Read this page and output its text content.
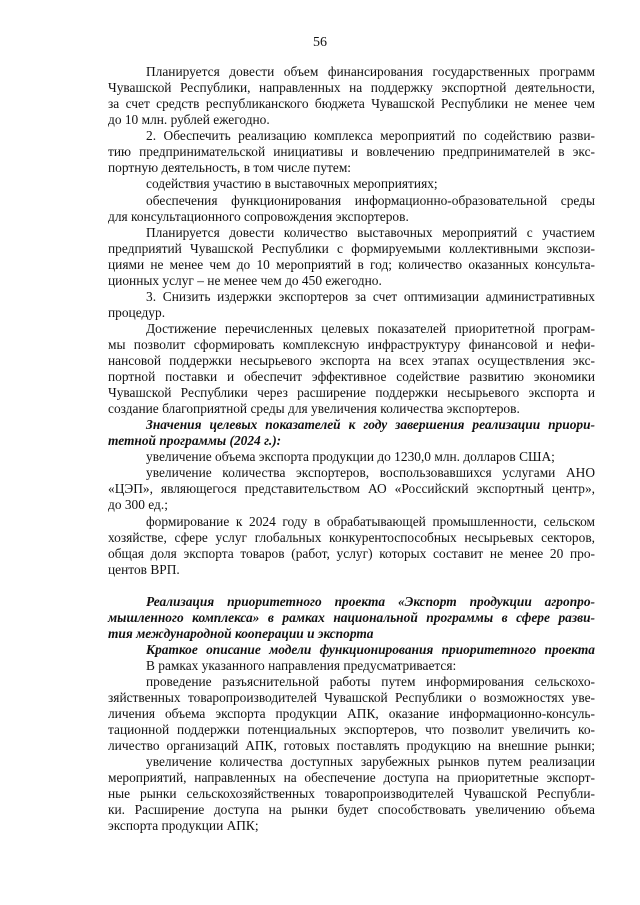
56
Планируется довести объем финансирования государственных программ
Чувашской Республики, направленных на поддержку экспортной деятельности,
за счет средств республиканского бюджета Чувашской Республики не менее чем
до 10 млн. рублей ежегодно.
2. Обеспечить реализацию комплекса мероприятий по содействию разви-
тию предпринимательской инициативы и вовлечению предпринимателей в экс-
портную деятельность, в том числе путем:
содействия участию в выставочных мероприятиях;
обеспечения функционирования информационно-образовательной среды
для консультационного сопровождения экспортеров.
Планируется довести количество выставочных мероприятий с участием
предприятий Чувашской Республики с формируемыми коллективными экспози-
циями не менее чем до 10 мероприятий в год; количество оказанных консульта-
ционных услуг – не менее чем до 450 ежегодно.
3. Снизить издержки экспортеров за счет оптимизации административных
процедур.
Достижение перечисленных целевых показателей приоритетной програм-
мы позволит сформировать комплексную инфраструктуру финансовой и нефи-
нансовой поддержки несырьевого экспорта на всех этапах осуществления экс-
портной поставки и обеспечит эффективное содействие развитию экономики
Чувашской Республики через расширение поддержки несырьевого экспорта и
создание благоприятной среды для увеличения количества экспортеров.
Значения целевых показателей к году завершения реализации приори-
тетной программы (2024 г.):
увеличение объема экспорта продукции до 1230,0 млн. долларов США;
увеличение количества экспортеров, воспользовавшихся услугами АНО
«ЦЭП», являющегося представительством АО «Российский экспортный центр»,
до 300 ед.;
формирование к 2024 году в обрабатывающей промышленности, сельском
хозяйстве, сфере услуг глобальных конкурентоспособных несырьевых секторов,
общая доля экспорта товаров (работ, услуг) которых составит не менее 20 про-
центов ВРП.
Реализация приоритетного проекта «Экспорт продукции агропро-
мышленного комплекса» в рамках национальной программы в сфере разви-
тия международной кооперации и экспорта
Краткое описание модели функционирования приоритетного проекта
В рамках указанного направления предусматривается:
проведение разъяснительной работы путем информирования сельскохо-
зяйственных товаропроизводителей Чувашской Республики о возможностях уве-
личения объема экспорта продукции АПК, оказание информационно-консуль-
тационной поддержки потенциальных экспортеров, что позволит увеличить ко-
личество организаций АПК, готовых поставлять продукцию на внешние рынки;
увеличение количества доступных зарубежных рынков путем реализации
мероприятий, направленных на обеспечение доступа на приоритетные экспорт-
ные рынки сельскохозяйственных товаропроизводителей Чувашской Республи-
ки. Расширение доступа на рынки будет способствовать увеличению объема
экспорта продукции АПК;
